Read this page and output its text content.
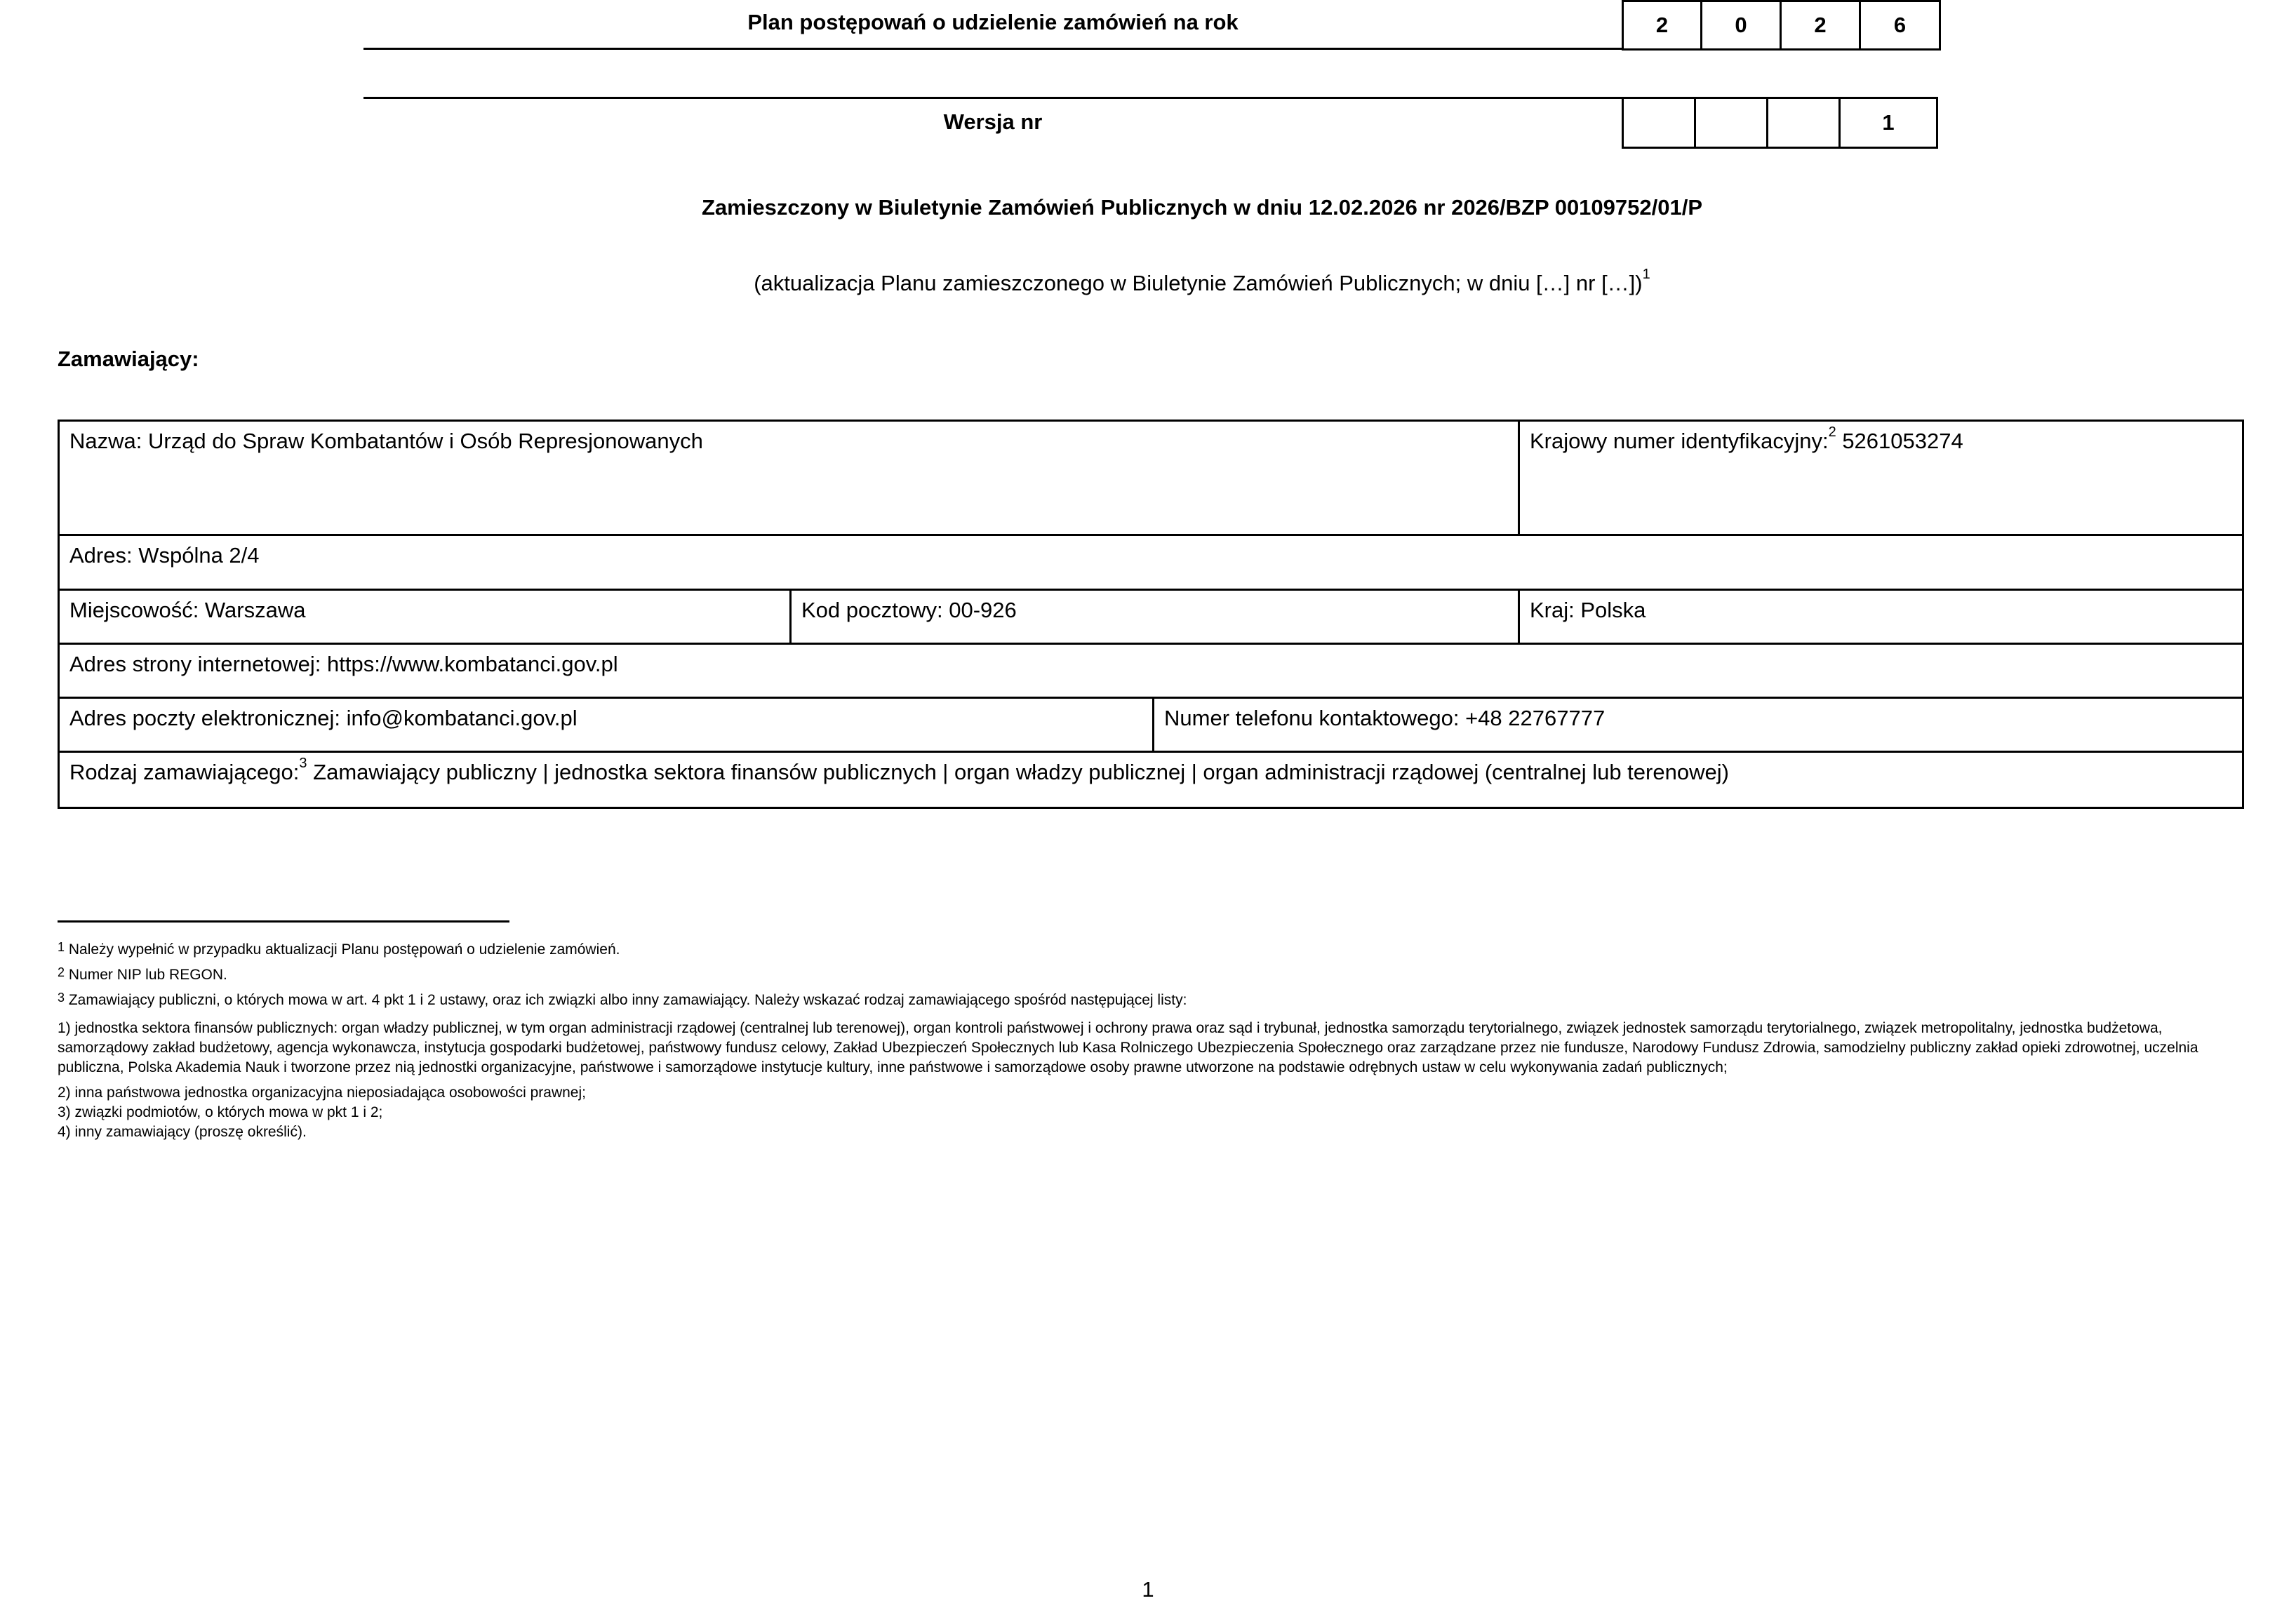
Plan postępowań o udzielenie zamówień na rok	2	0	2	6
Wersja nr	1
Zamieszczony w Biuletynie Zamówień Publicznych w dniu 12.02.2026 nr 2026/BZP 00109752/01/P
(aktualizacja Planu zamieszczonego w Biuletynie Zamówień Publicznych; w dniu […] nr […])$^1$
Zamawiający:
Nazwa: Urząd do Spraw Kombatantów i Osób Represjonowanych	Krajowy numer identyfikacyjny:$^2$ 5261053274
Adres: Wspólna 2/4
Miejscowość: Warszawa	Kod pocztowy: 00-926	Kraj: Polska
Adres strony internetowej: https://www.kombatanci.gov.pl
Adres poczty elektronicznej: info@kombatanci.gov.pl	Numer telefonu kontaktowego: +48 22767777
Rodzaj zamawiającego:$^3$ Zamawiający publiczny | jednostka sektora finansów publicznych | organ władzy publicznej | organ administracji rządowej (centralnej lub terenowej)
$^1$ Należy wypełnić w przypadku aktualizacji Planu postępowań o udzielenie zamówień.
$^2$ Numer NIP lub REGON.
$^3$ Zamawiający publiczni, o których mowa w art. 4 pkt 1 i 2 ustawy, oraz ich związki albo inny zamawiający. Należy wskazać rodzaj zamawiającego spośród następującej listy:
1) jednostka sektora finansów publicznych: organ władzy publicznej, w tym organ administracji rządowej (centralnej lub terenowej), organ kontroli państwowej i ochrony prawa oraz sąd i trybunał, jednostka samorządu terytorialnego, związek jednostek samorządu terytorialnego, związek metropolitalny, jednostka budżetowa, samorządowy zakład budżetowy, agencja wykonawcza, instytucja gospodarki budżetowej, państwowy fundusz celowy, Zakład Ubezpieczeń Społecznych lub Kasa Rolniczego Ubezpieczenia Społecznego oraz zarządzane przez nie fundusze, Narodowy Fundusz Zdrowia, samodzielny publiczny zakład opieki zdrowotnej, uczelnia publiczna, Polska Akademia Nauk i tworzone przez nią jednostki organizacyjne, państwowe i samorządowe instytucje kultury, inne państwowe i samorządowe osoby prawne utworzone na podstawie odrębnych ustaw w celu wykonywania zadań publicznych;
2) inna państwowa jednostka organizacyjna nieposiadająca osobowości prawnej;
3) związki podmiotów, o których mowa w pkt 1 i 2;
4) inny zamawiający (proszę określić).
1
